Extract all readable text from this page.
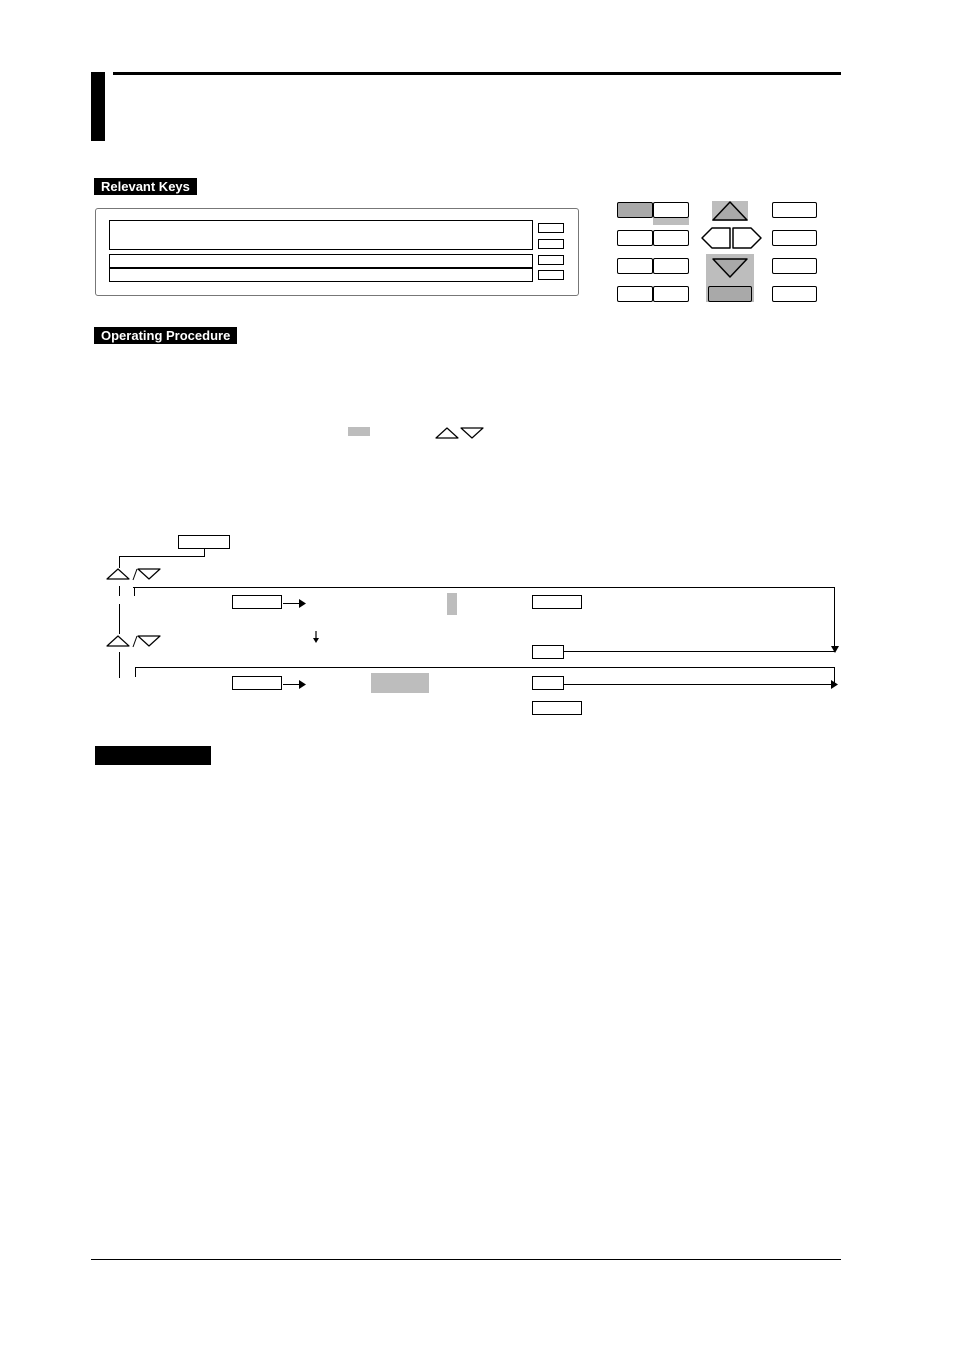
Relevant Keys
Operating Procedure
